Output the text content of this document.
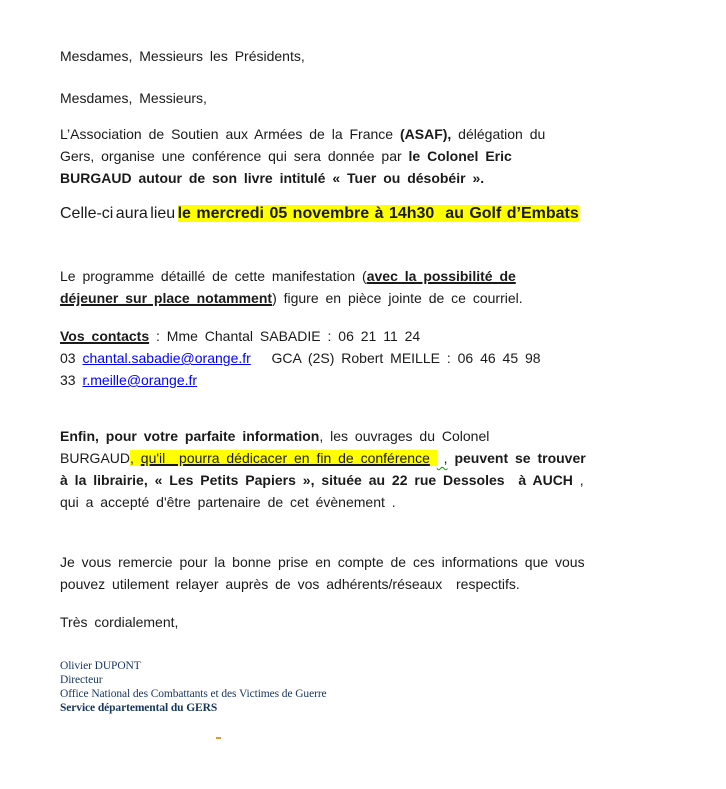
Mesdames, Messieurs les Présidents,
Mesdames, Messieurs,
L’Association de Soutien aux Armées de la France (ASAF), délégation du
Gers, organise une conférence qui sera donnée par le Colonel Eric
BURGAUD autour de son livre intitulé « Tuer ou désobéir ».
Celle-ci aura lieu le mercredi 05 novembre à 14h30  au Golf d’Embats
Le programme détaillé de cette manifestation (avec la possibilité de
déjeuner sur place notamment) figure en pièce jointe de ce courriel.
Vos contacts : Mme Chantal SABADIE : 06 21 11 24
03 chantal.sabadie@orange.fr   GCA (2S) Robert MEILLE : 06 46 45 98
33 r.meille@orange.fr
Enfin, pour votre parfaite information, les ouvrages du Colonel
BURGAUD, qu'il  pourra dédicacer en fin de conférence  , peuvent se trouver
à la librairie, « Les Petits Papiers », située au 22 rue Dessoles  à AUCH ,
qui a accepté d'être partenaire de cet évènement .
Je vous remercie pour la bonne prise en compte de ces informations que vous
pouvez utilement relayer auprès de vos adhérents/réseaux  respectifs.
Très cordialement,
Olivier DUPONT
Directeur
Office National des Combattants et des Victimes de Guerre
Service départemental du GERS
